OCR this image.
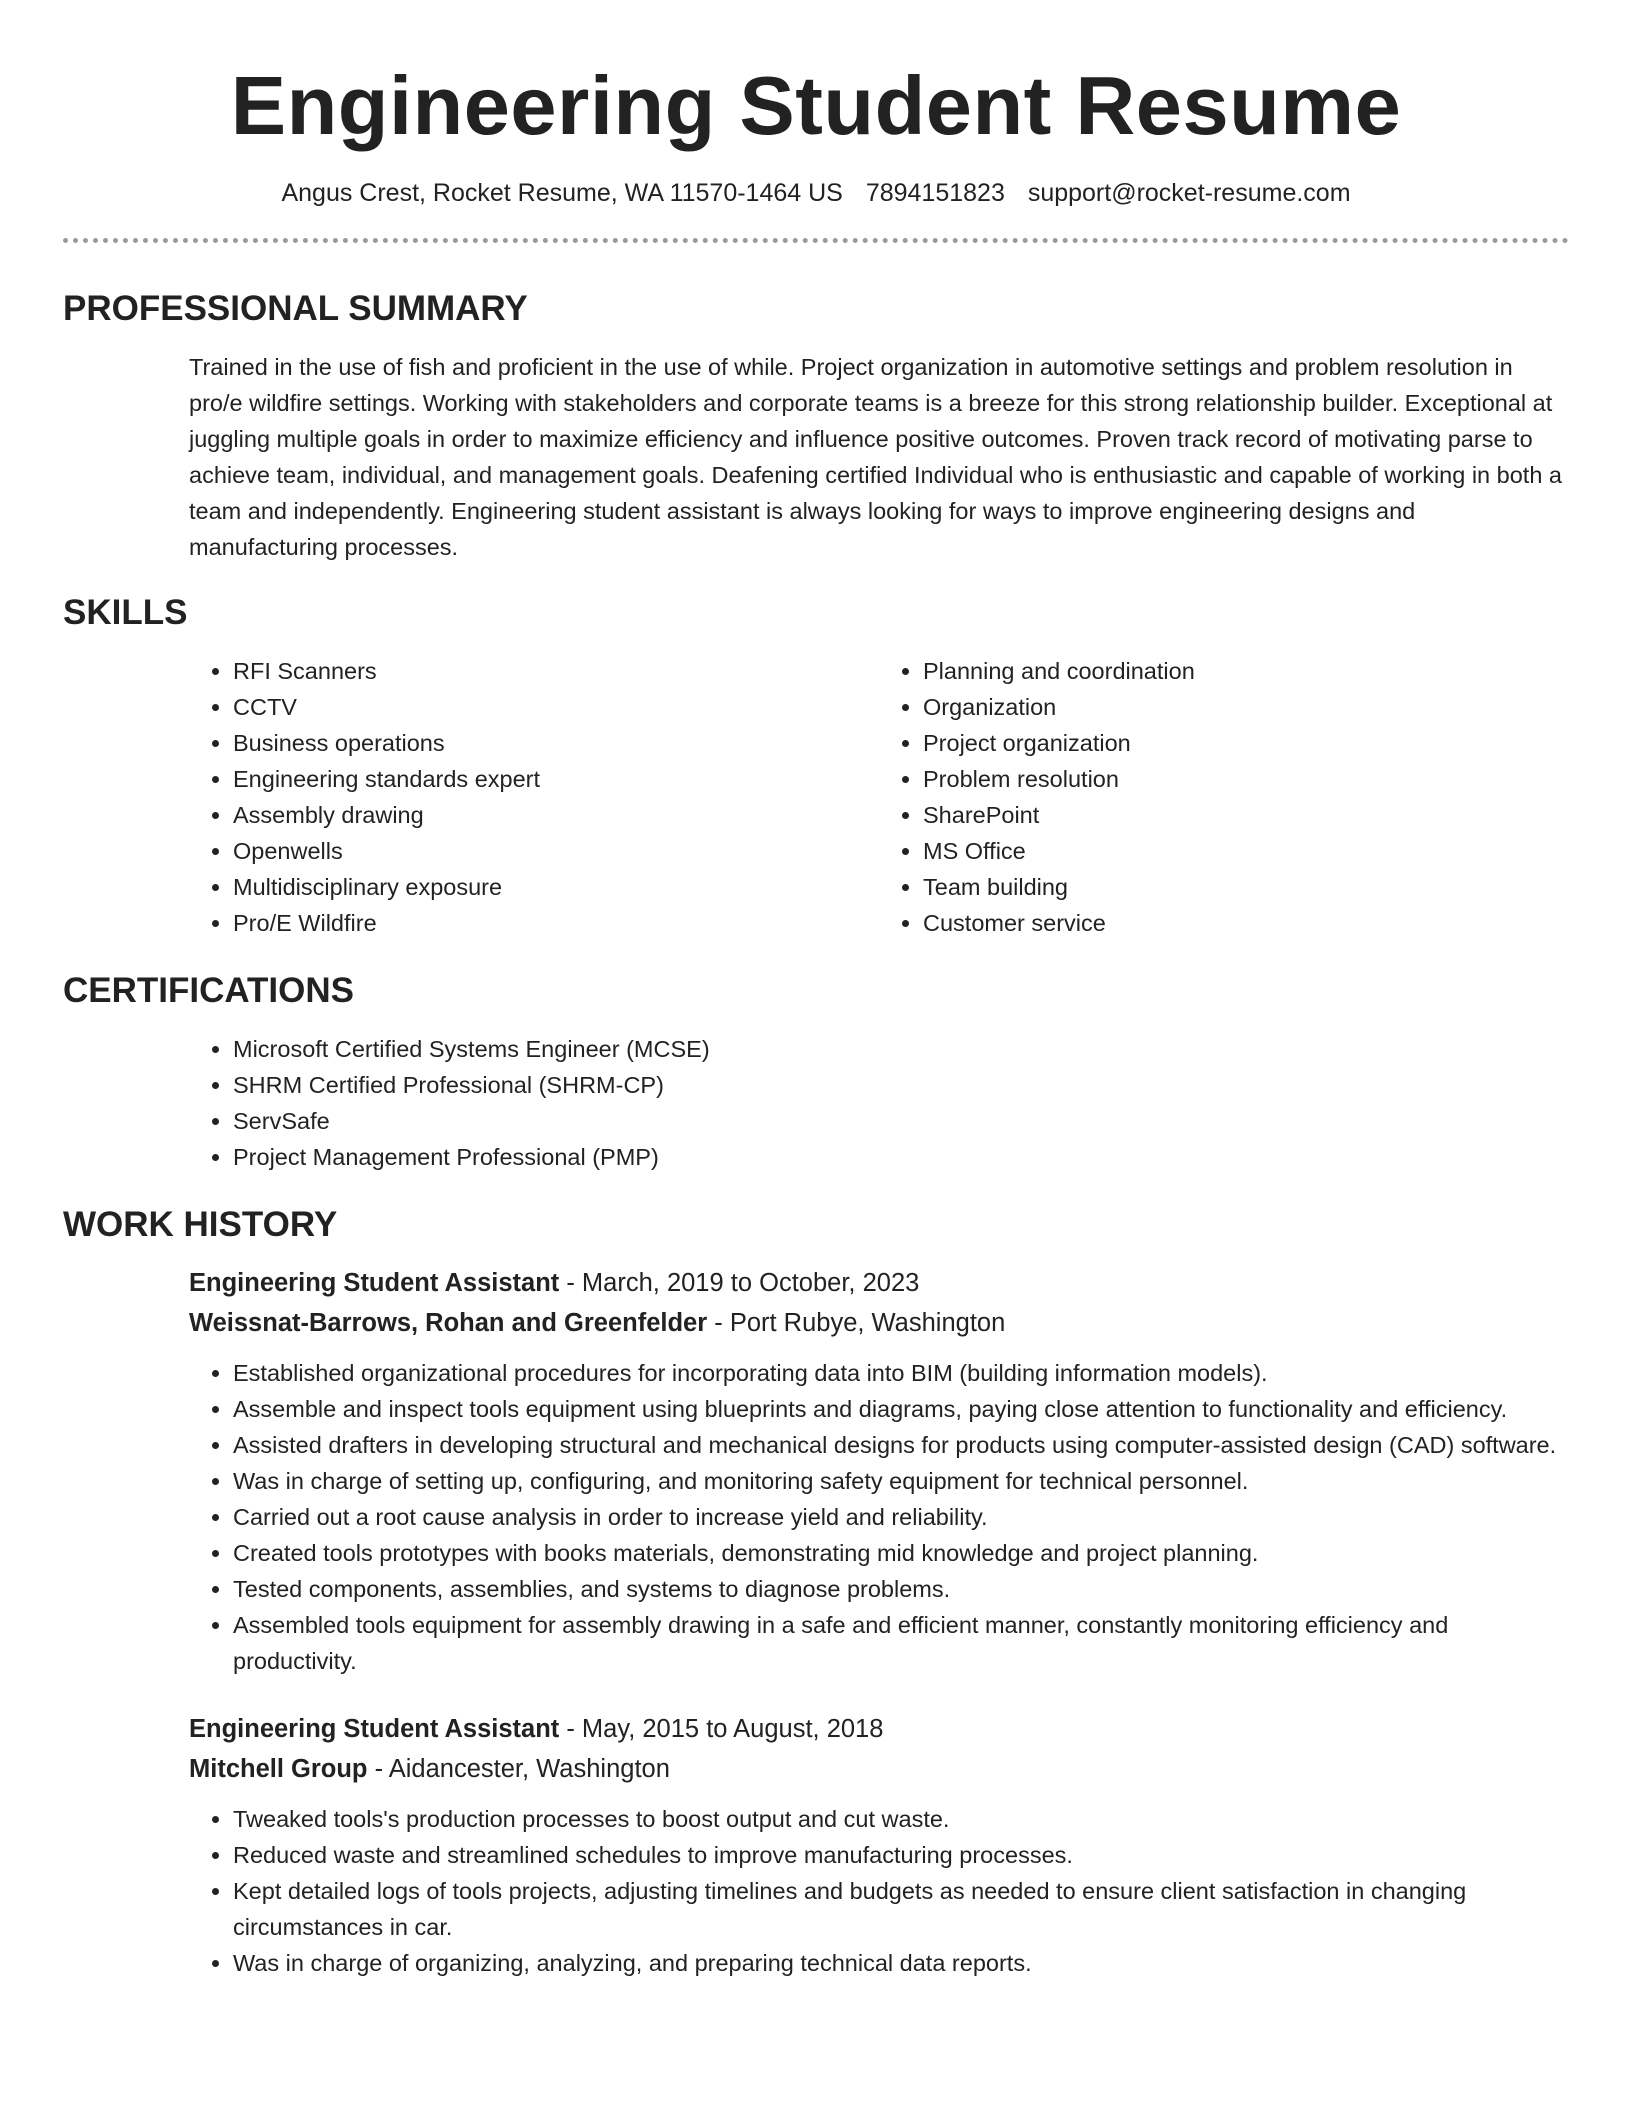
Engineering Student Resume
Angus Crest, Rocket Resume, WA 11570-1464 US 7894151823 support@rocket-resume.com
PROFESSIONAL SUMMARY

Trained in the use of fish and proficient in the use of while. Project organization in automotive settings and problem resolution in pro/e wildfire settings. Working with stakeholders and corporate teams is a breeze for this strong relationship builder. Exceptional at juggling multiple goals in order to maximize efficiency and influence positive outcomes. Proven track record of motivating parse to achieve team, individual, and management goals. Deafening certified Individual who is enthusiastic and capable of working in both a team and independently. Engineering student assistant is always looking for ways to improve engineering designs and manufacturing processes.

SKILLS
• RFI Scanners
• CCTV
• Business operations
• Engineering standards expert
• Assembly drawing
• Openwells
• Multidisciplinary exposure
• Pro/E Wildfire
• Planning and coordination
• Organization
• Project organization
• Problem resolution
• SharePoint
• MS Office
• Team building
• Customer service
CERTIFICATIONS
• Microsoft Certified Systems Engineer (MCSE)
• SHRM Certified Professional (SHRM-CP)
• ServSafe
• Project Management Professional (PMP)
WORK HISTORY
Engineering Student Assistant - March, 2019 to October, 2023
Weissnat-Barrows, Rohan and Greenfelder - Port Rubye, Washington
• Established organizational procedures for incorporating data into BIM (building information models).
• Assemble and inspect tools equipment using blueprints and diagrams, paying close attention to functionality and efficiency.
• Assisted drafters in developing structural and mechanical designs for products using computer-assisted design (CAD) software.
• Was in charge of setting up, configuring, and monitoring safety equipment for technical personnel.
• Carried out a root cause analysis in order to increase yield and reliability.
• Created tools prototypes with books materials, demonstrating mid knowledge and project planning.
• Tested components, assemblies, and systems to diagnose problems.
• Assembled tools equipment for assembly drawing in a safe and efficient manner, constantly monitoring efficiency and productivity.
Engineering Student Assistant - May, 2015 to August, 2018
Mitchell Group - Aidancester, Washington
• Tweaked tools's production processes to boost output and cut waste.
• Reduced waste and streamlined schedules to improve manufacturing processes.
• Kept detailed logs of tools projects, adjusting timelines and budgets as needed to ensure client satisfaction in changing circumstances in car.
• Was in charge of organizing, analyzing, and preparing technical data reports.
